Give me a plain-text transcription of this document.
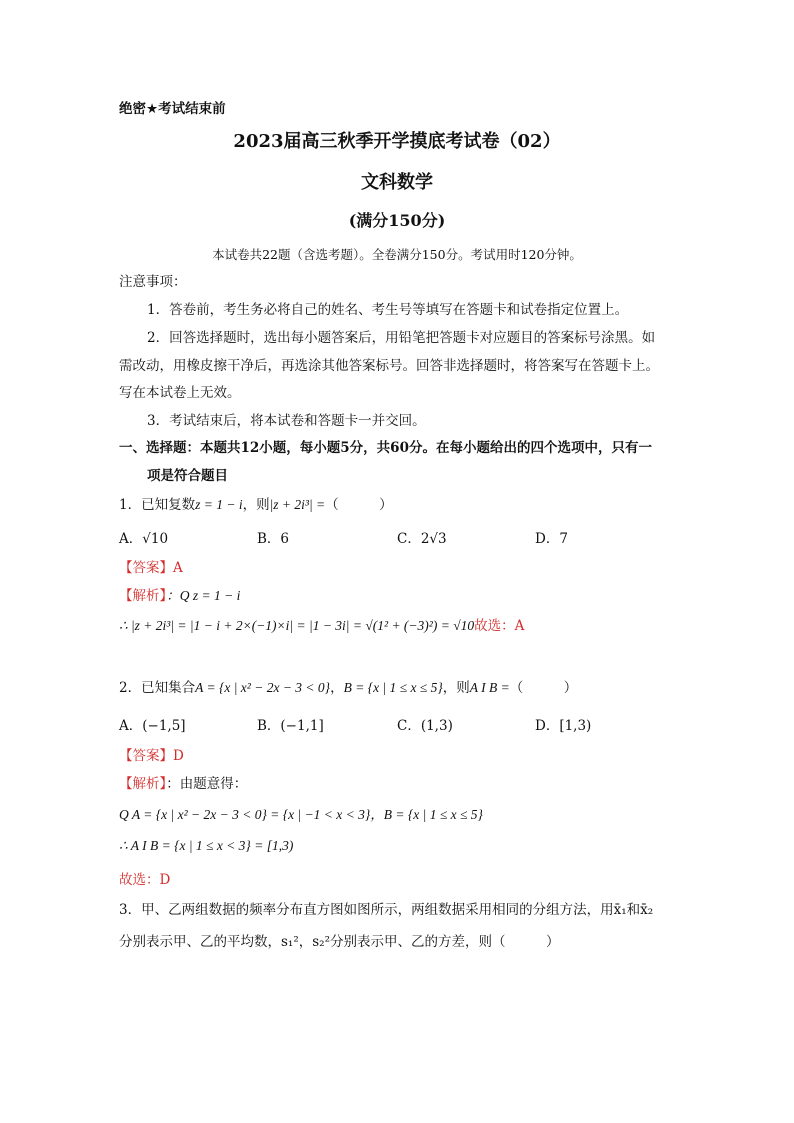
绝密★考试结束前
2023届高三秋季开学摸底考试卷（02）
文科数学
(满分150分)
本试卷共22题（含选考题）。全卷满分150分。考试用时120分钟。
注意事项：
1．答卷前，考生务必将自己的姓名、考生号等填写在答题卡和试卷指定位置上。
2．回答选择题时，选出每小题答案后，用铅笔把答题卡对应题目的答案标号涂黑。如
需改动，用橡皮擦干净后，再选涂其他答案标号。回答非选择题时，将答案写在答题卡上。
写在本试卷上无效。
3．考试结束后，将本试卷和答题卡一并交回。
一、选择题：本题共12小题，每小题5分，共60分。在每小题给出的四个选项中，只有一
项是符合题目
1．已知复数z = 1 − i，则|z + 2i³| =（　　　）
A．√10	B．6	C．2√3	D．7
【答案】A
【解析】：Q z = 1 − i
∴ |z + 2i³| = |1 − i + 2×(−1)×i| = |1 − 3i| = √(1² + (−3)²) = √10故选：A
2．已知集合A = {x | x² − 2x − 3 < 0}，B = {x | 1 ≤ x ≤ 5}，则A I B =（　　　）
A．(−1,5]	B．(−1,1]	C．(1,3)	D．[1,3)
【答案】D
【解析】：由题意得：
Q A = {x | x² − 2x − 3 < 0} = {x | −1 < x < 3}，B = {x | 1 ≤ x ≤ 5}
∴ A I B = {x | 1 ≤ x < 3} = [1,3)
故选：D
3．甲、乙两组数据的频率分布直方图如图所示，两组数据采用相同的分组方法，用x̄₁和x̄₂
分别表示甲、乙的平均数，s₁²，s₂²分别表示甲、乙的方差，则（　　　）
